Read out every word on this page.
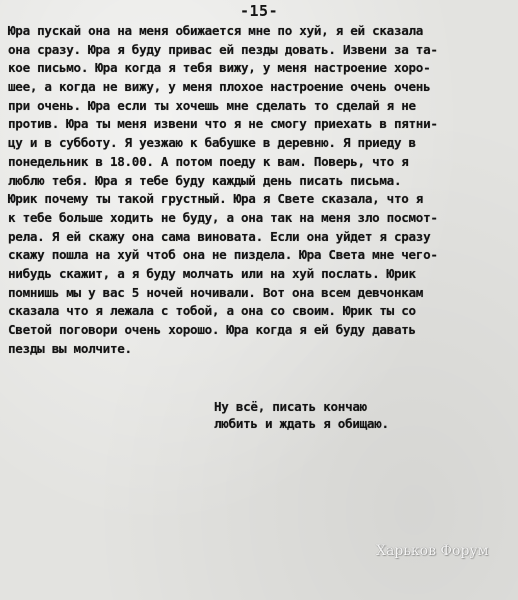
-15-
Юра пускай она на меня обижается мне по хуй, я ей сказала
она сразу. Юра я буду привас ей пезды довать. Извени за та-
кое письмо. Юра когда я тебя вижу, у меня настроение хоро-
шее, а когда не вижу, у меня плохое настроение очень очень
при очень. Юра если ты хочешь мне сделать то сделай я не
против. Юра ты меня извени что я не смогу приехать в пятни-
цу и в субботу. Я уезжаю к бабушке в деревню. Я приеду в
понедельник в 18.00. А потом поеду к вам. Поверь, что я
люблю тебя. Юра я тебе буду каждый день писать письма.
Юрик почему ты такой грустный. Юра я Свете сказала, что я
к тебе больше ходить не буду, а она так на меня зло посмот-
рела. Я ей скажу она сама виновата. Если она уйдет я сразу
скажу пошла на хуй чтоб она не пиздела. Юра Света мне чего-
нибудь скажит, а я буду молчать или на хуй послать. Юрик
помнишь мы у вас 5 ночей ночивали. Вот она всем девчонкам
сказала что я лежала с тобой, а она со своим. Юрик ты со
Светой поговори очень хорошо. Юра когда я ей буду давать
пезды вы молчите.
Ну всё, писать кончаю
любить и ждать я обищаю.
Харьков Форум
